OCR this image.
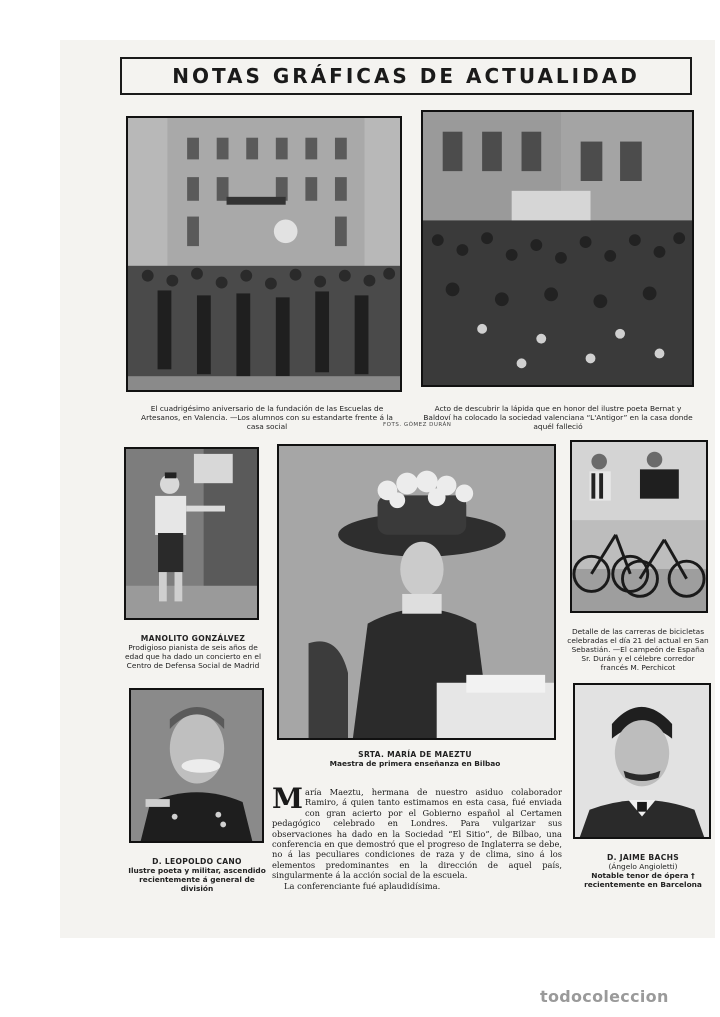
NOTAS GRÁFICAS DE ACTUALIDAD

El cuadrigésimo aniversario de la fundación de las Escuelas de Artesanos, en Valencia. —Los alumnos con su estandarte frente á la casa social	FOTS. GÓMEZ DURÁN

Acto de descubrir la lápida que en honor del ilustre poeta Bernat y Baldoví ha colocado la sociedad valenciana “L'Antigor” en la casa donde aquél falleció

MANOLITO GONZÁLVEZ
Prodigioso pianista de seis años de edad que ha dado un concierto en el Centro de Defensa Social de Madrid

Detalle de las carreras de bicicletas celebradas el día 21 del actual en San Sebastián. —El campeón de España Sr. Durán y el célebre corredor francés M. Perchicot

SRTA. MARÍA DE MAEZTU
Maestra de primera enseñanza en Bilbao

D. LEOPOLDO CANO
Ilustre poeta y militar, ascendido recientemente á general de división

María Maeztu, hermana de nuestro asiduo colaborador Ramiro, á quien tanto estimamos en esta casa, fué enviada con gran acierto por el Gobierno español al Certamen pedagógico celebrado en Londres. Para vulgarizar sus observaciones ha dado en la Sociedad “El Sitio”, de Bilbao, una conferencia en que demostró que el progreso de Inglaterra se debe, no á las peculiares condiciones de raza y de clima, sino á los elementos predominantes en la dirección de aquel país, singularmente á la acción social de la escuela.
La conferenciante fué aplaudidísima.

D. JAIME BACHS
(Ángelo Angioletti)
Notable tenor de ópera † recientemente en Barcelona

todocoleccion
